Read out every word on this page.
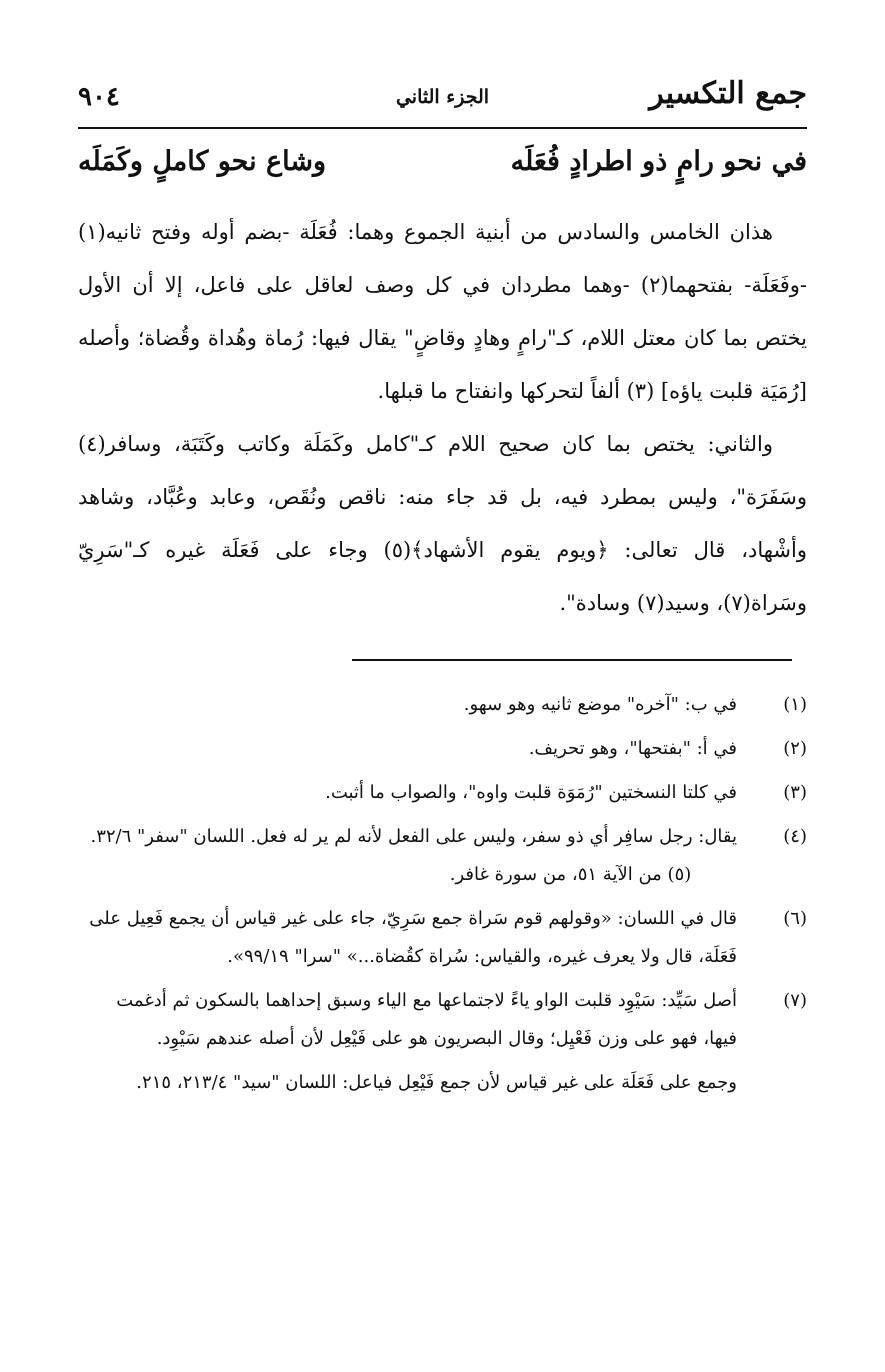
جمع التكسير
الجزء الثاني
٩٠٤
في نحو رامٍ ذو اطرادٍ فُعَلَه
وشاع نحو كاملٍ وكَمَلَه

هذان الخامس والسادس من أبنية الجموع وهما: فُعَلَة -بضم أوله وفتح ثانيه(١) -وفَعَلَة- بفتحهما(٢) -وهما مطردان في كل وصف لعاقل على فاعل، إلا أن الأول يختص بما كان معتل اللام، كـ"رامٍ وهادٍ وقاضٍ" يقال فيها: رُماة وهُداة وقُضاة؛ وأصله [رُمَيَة قلبت ياؤه] (٣) ألفاً لتحركها وانفتاح ما قبلها.

والثاني: يختص بما كان صحيح اللام كـ"كامل وكَمَلَة وكاتب وكَتَبَة، وسافر(٤) وسَفَرَة"، وليس بمطرد فيه، بل قد جاء منه: ناقص ونُقَص، وعابد وعُبَّاد، وشاهد وأشْهاد، قال تعالى: ﴿ويوم يقوم الأشهاد﴾(٥) وجاء على فَعَلَة غيره كـ"سَرِيّ وسَراة(٧)، وسيد(٧) وسادة".

(١)
في ب: "آخره" موضع ثانيه وهو سهو.
(٢)
في أ: "بفتحها"، وهو تحريف.
(٣)
في كلتا النسختين "رُمَوَة قلبت واوه"، والصواب ما أثبت.
(٤)
يقال: رجل سافِر أي ذو سفر، وليس على الفعل لأنه لم ير له فعل. اللسان "سفر" ٣٢/٦.  (٥) من الآية ٥١، من سورة غافر.
(٦)
قال في اللسان: «وقولهم قوم سَراة جمع سَرِيّ، جاء على غير قياس أن يجمع فَعِيل على فَعَلَة، قال ولا يعرف غيره، والقياس: سُراة كقُضاة...» "سرا" ٩٩/١٩».
(٧)
أصل سَيِّد: سَيْوِد قلبت الواو ياءً لاجتماعها مع الياء وسبق إحداهما بالسكون ثم أدغمت فيها، فهو على وزن فَعْيِل؛ وقال البصريون هو على فَيْعِل لأن أصله عندهم سَيْوِد.
وجمع على فَعَلَة على غير قياس لأن جمع فَيْعِل فياعل: اللسان "سيد" ٢١٣/٤، ٢١٥.
